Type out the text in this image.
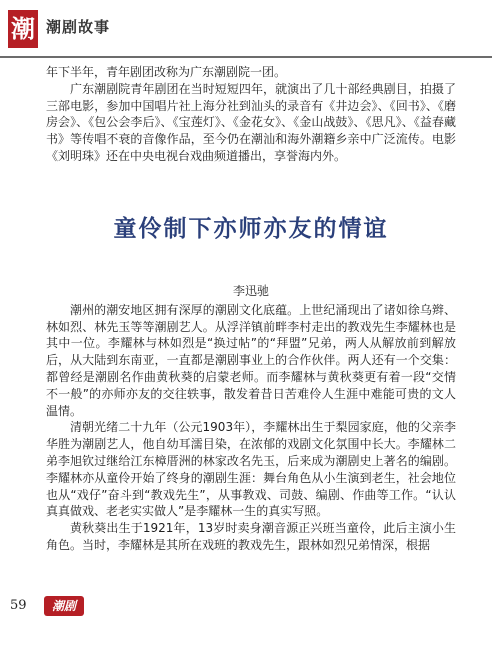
潮 潮剧故事

年下半年，青年剧团改称为广东潮剧院一团。

广东潮剧院青年剧团在当时短短四年，就演出了几十部经典剧目，拍摄了三部电影，参加中国唱片社上海分社到汕头的录音有《井边会》、《回书》、《磨房会》、《包公会李后》、《宝莲灯》、《金花女》、《金山战鼓》、《思凡》、《益春藏书》等传唱不衰的音像作品，至今仍在潮汕和海外潮籍乡亲中广泛流传。电影《刘明珠》还在中央电视台戏曲频道播出，享誉海内外。

童伶制下亦师亦友的情谊
李迅驰

潮州的潮安地区拥有深厚的潮剧文化底蕴。上世纪涌现出了诸如徐乌辫、林如烈、林先玉等等潮剧艺人。从浮洋镇前畔李村走出的教戏先生李耀林也是其中一位。李耀林与林如烈是“换过帖”的“拜盟”兄弟，两人从解放前到解放后，从大陆到东南亚，一直都是潮剧事业上的合作伙伴。两人还有一个交集：都曾经是潮剧名作曲黄秋葵的启蒙老师。而李耀林与黄秋葵更有着一段“交情不一般”的亦师亦友的交往轶事，散发着昔日苦难伶人生涯中难能可贵的文人温情。

清朝光绪二十九年（公元1903年），李耀林出生于梨园家庭，他的父亲李华胜为潮剧艺人，他自幼耳濡目染，在浓郁的戏剧文化氛围中长大。李耀林二弟李旭钦过继给江东樟厝洲的林家改名先玉，后来成为潮剧史上著名的编剧。李耀林亦从童伶开始了终身的潮剧生涯：舞台角色从小生演到老生，社会地位也从“戏仔”奋斗到“教戏先生”，从事教戏、司鼓、编剧、作曲等工作。“认认真真做戏、老老实实做人”是李耀林一生的真实写照。

黄秋葵出生于1921年，13岁时卖身潮音源正兴班当童伶，此后主演小生角色。当时，李耀林是其所在戏班的教戏先生，跟林如烈兄弟情深，根据

59	潮剧
